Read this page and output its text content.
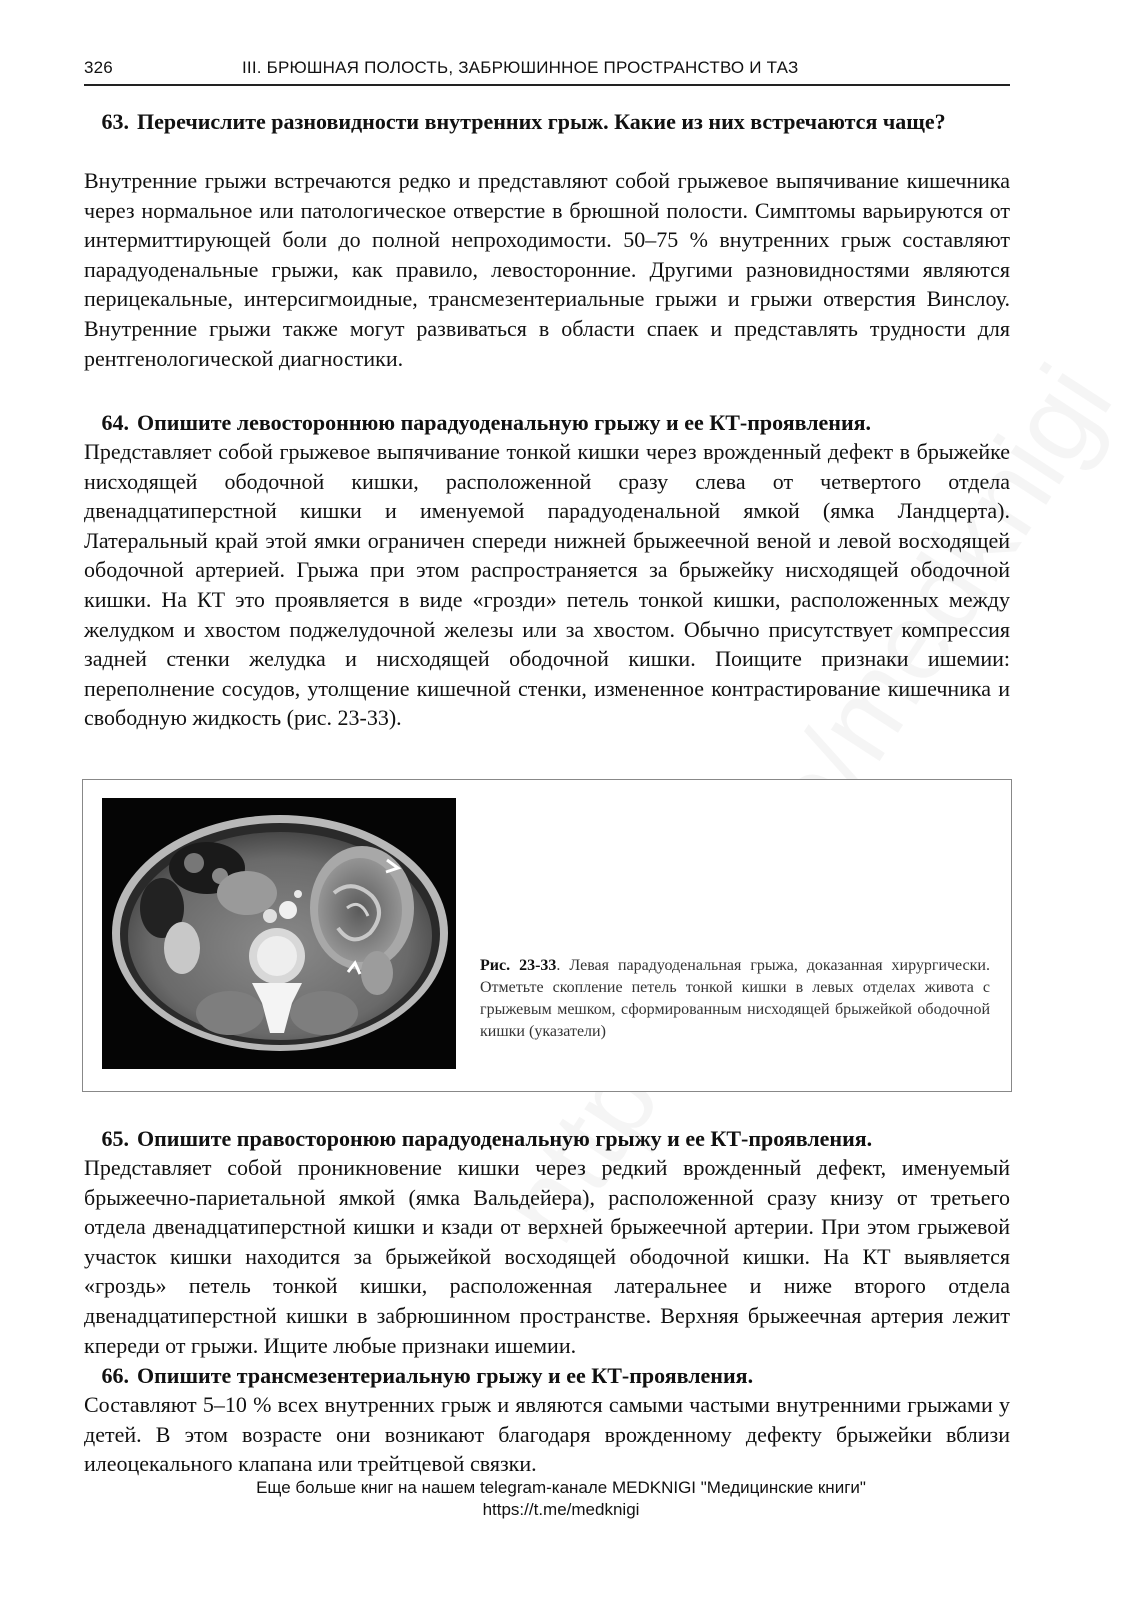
326	III. БРЮШНАЯ ПОЛОСТЬ, ЗАБРЮШИННОЕ ПРОСТРАНСТВО И ТАЗ
63. Перечислите разновидности внутренних грыж. Какие из них встречаются чаще?

Внутренние грыжи встречаются редко и представляют собой грыжевое выпячивание кишечника через нормальное или патологическое отверстие в брюшной полости. Симптомы варьируются от интермиттирующей боли до полной непроходимости. 50–75 % внутренних грыж составляют парадуоденальные грыжи, как правило, левосторонние. Другими разновидностями являются перицекальные, интерсигмоидные, трансмезентериальные грыжи и грыжи отверстия Винслоу. Внутренние грыжи также могут развиваться в области спаек и представлять трудности для рентгенологической диагностики.

64. Опишите левостороннюю парадуоденальную грыжу и ее КТ-проявления.

Представляет собой грыжевое выпячивание тонкой кишки через врожденный дефект в брыжейке нисходящей ободочной кишки, расположенной сразу слева от четвертого отдела двенадцатиперстной кишки и именуемой парадуоденальной ямкой (ямка Ландцерта). Латеральный край этой ямки ограничен спереди нижней брыжеечной веной и левой восходящей ободочной артерией. Грыжа при этом распространяется за брыжейку нисходящей ободочной кишки. На КТ это проявляется в виде «грозди» петель тонкой кишки, расположенных между желудком и хвостом поджелудочной железы или за хвостом. Обычно присутствует компрессия задней стенки желудка и нисходящей ободочной кишки. Поищите признаки ишемии: переполнение сосудов, утолщение кишечной стенки, измененное контрастирование кишечника и свободную жидкость (рис. 23-33).

Рис. 23-33. Левая парадуоденальная грыжа, доказанная хирургически. Отметьте скопление петель тонкой кишки в левых отделах живота с грыжевым мешком, сформированным нисходящей брыжейкой ободочной кишки (указатели)

65. Опишите правосторонюю парадуоденальную грыжу и ее КТ-проявления.

Представляет собой проникновение кишки через редкий врожденный дефект, именуемый брыжеечно-париетальной ямкой (ямка Вальдейера), расположенной сразу книзу от третьего отдела двенадцатиперстной кишки и кзади от верхней брыжеечной артерии. При этом грыжевой участок кишки находится за брыжейкой восходящей ободочной кишки. На КТ выявляется «гроздь» петель тонкой кишки, расположенная латеральнее и ниже второго отдела двенадцатиперстной кишки в забрюшинном пространстве. Верхняя брыжеечная артерия лежит кпереди от грыжи. Ищите любые признаки ишемии.

66. Опишите трансмезентериальную грыжу и ее КТ-проявления.

Составляют 5–10 % всех внутренних грыж и являются самыми частыми внутренними грыжами у детей. В этом возрасте они возникают благодаря врожденному дефекту брыжейки вблизи илеоцекального клапана или трейтцевой связки.

Еще больше книг на нашем telegram-канале MEDKNIGI "Медицинские книги"
https://t.me/medknigi
